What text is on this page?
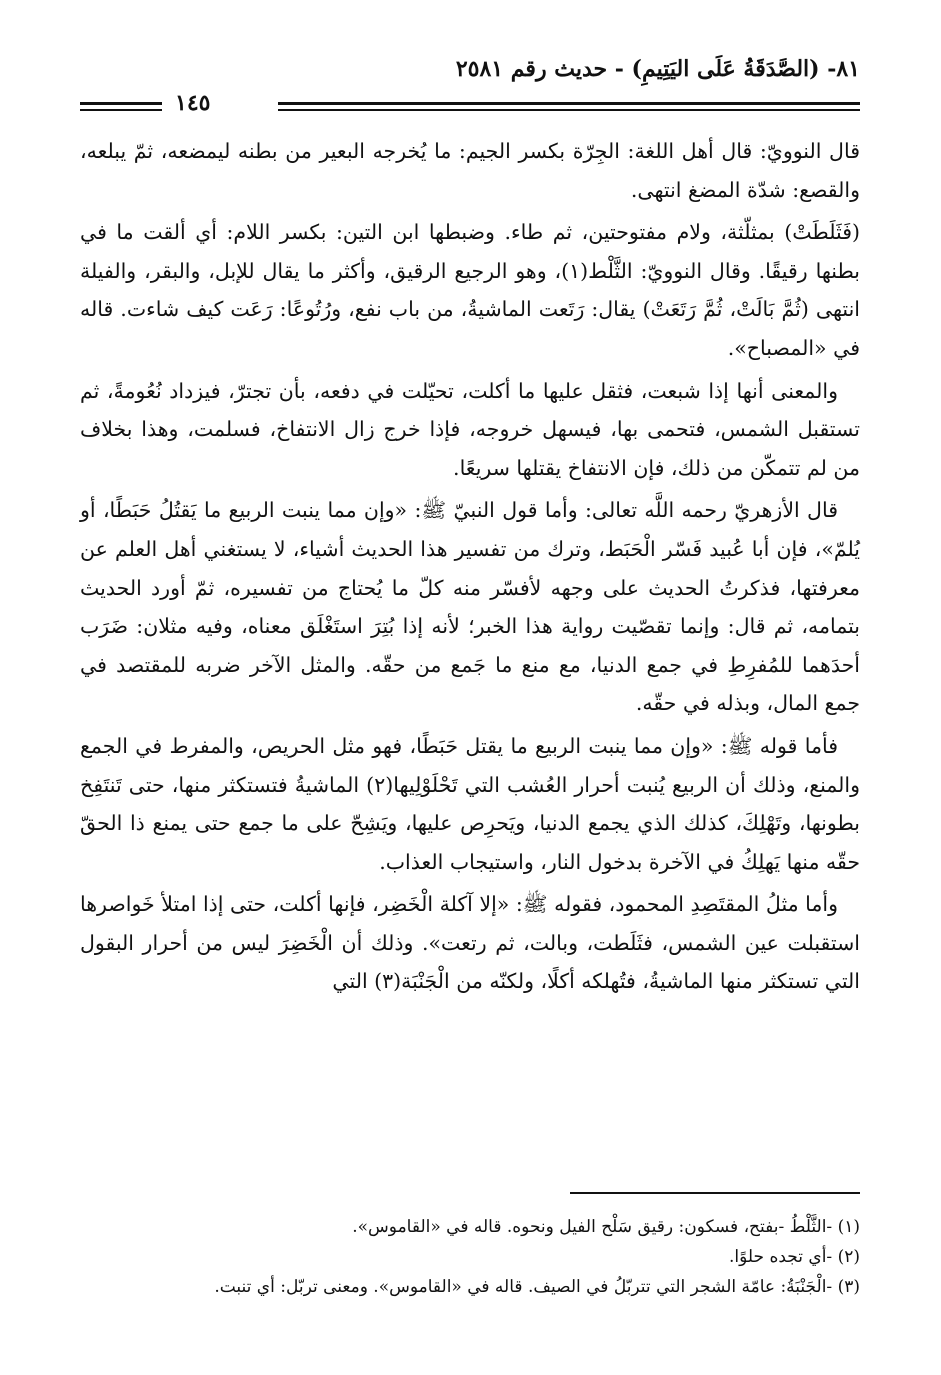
٨١- (الصَّدَقَةُ عَلَى اليَتِيمِ) - حديث رقم ٢٥٨١
١٤٥

قال النوويّ: قال أهل اللغة: الجِرّة بكسر الجيم: ما يُخرجه البعير من بطنه ليمضعه، ثمّ يبلعه، والقصع: شدّة المضغ انتهى.

(فَثَلَطَتْ) بمثلّثة، ولام مفتوحتين، ثم طاء. وضبطها ابن التين: بكسر اللام: أي ألقت ما في بطنها رقيقًا. وقال النوويّ: الثَّلْط(١)، وهو الرجيع الرقيق، وأكثر ما يقال للإبل، والبقر، والفيلة انتهى (ثُمَّ بَالَتْ، ثُمَّ رَتَعَتْ) يقال: رَتَعت الماشيةُ، من باب نفع، ورُتُوعًا: رَعَت كيف شاءت. قاله في «المصباح».

والمعنى أنها إذا شبعت، فثقل عليها ما أكلت، تحيّلت في دفعه، بأن تجترّ، فيزداد نُعُومةً، ثم تستقبل الشمس، فتحمى بها، فيسهل خروجه، فإذا خرج زال الانتفاخ، فسلمت، وهذا بخلاف من لم تتمكّن من ذلك، فإن الانتفاخ يقتلها سريعًا.

قال الأزهريّ رحمه اللَّه تعالى: وأما قول النبيّ ﷺ: «وإن مما ينبت الربيع ما يَقتُلُ حَبَطًا، أو يُلمّ»، فإن أبا عُبيد فَسّر الْحَبَط، وترك من تفسير هذا الحديث أشياء، لا يستغني أهل العلم عن معرفتها، فذكرتُ الحديث على وجهه لأفسّر منه كلّ ما يُحتاج من تفسيره، ثمّ أورد الحديث بتمامه، ثم قال: وإنما تقصّيت رواية هذا الخبر؛ لأنه إذا بُتِرَ استَغْلَق معناه، وفيه مثلان: ضَرَب أحدَهما للمُفرِطِ في جمع الدنيا، مع منع ما جَمع من حقّه. والمثل الآخر ضربه للمقتصد في جمع المال، وبذله في حقّه.

فأما قوله ﷺ: «وإن مما ينبت الربيع ما يقتل حَبَطًا، فهو مثل الحريص، والمفرط في الجمع والمنع، وذلك أن الربيع يُنبت أحرار العُشب التي تَحْلَوْلِيها(٢) الماشيةُ فتستكثر منها، حتى تَنتَفِخ بطونها، وتَهْلِكَ، كذلك الذي يجمع الدنيا، ويَحرِص عليها، ويَشِحّ على ما جمع حتى يمنع ذا الحقّ حقّه منها يَهلِكُ في الآخرة بدخول النار، واستيجاب العذاب.

وأما مثلُ المقتَصِدِ المحمود، فقوله ﷺ: «إلا آكلة الْخَضِر، فإنها أكلت، حتى إذا امتلأ خَواصرها استقبلت عين الشمس، فثَلَطت، وبالت، ثم رتعت». وذلك أن الْخَضِرَ ليس من أحرار البقول التي تستكثر منها الماشيةُ، فتُهلكه أكلًا، ولكنّه من الْجَنْبَة(٣) التي

(١) -الثَّلْطُ -بفتح، فسكون: رقيق سَلْح الفيل ونحوه. قاله في «القاموس».
(٢) -أي تجده حلوًا.
(٣) -الْجَنْبَةُ: عامّة الشجر التي تتربّلُ في الصيف. قاله في «القاموس». ومعنى تربّل: أي تنبت.
